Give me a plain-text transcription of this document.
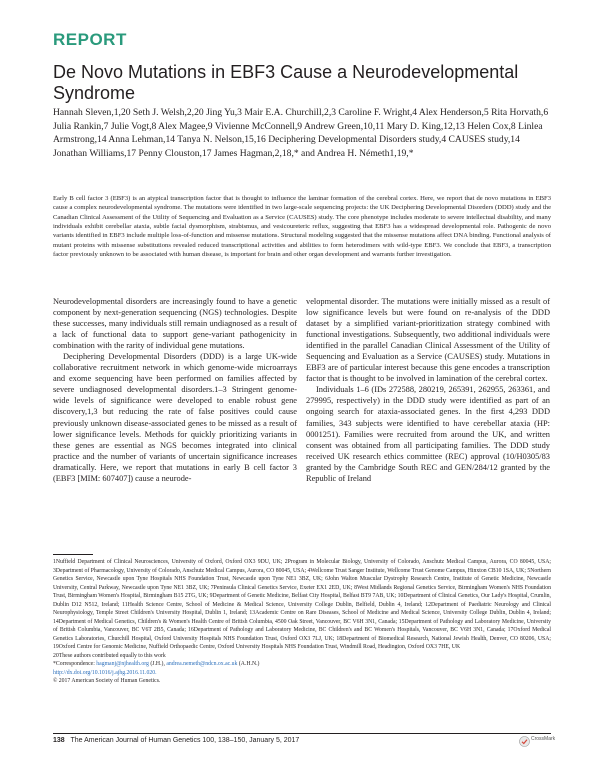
REPORT
De Novo Mutations in EBF3 Cause a Neurodevelopmental Syndrome
Hannah Sleven,1,20 Seth J. Welsh,2,20 Jing Yu,3 Mair E.A. Churchill,2,3 Caroline F. Wright,4 Alex Henderson,5 Rita Horvath,6 Julia Rankin,7 Julie Vogt,8 Alex Magee,9 Vivienne McConnell,9 Andrew Green,10,11 Mary D. King,12,13 Helen Cox,8 Linlea Armstrong,14 Anna Lehman,14 Tanya N. Nelson,15,16 Deciphering Developmental Disorders study,4 CAUSES study,14 Jonathan Williams,17 Penny Clouston,17 James Hagman,2,18,* and Andrea H. Németh1,19,*
Early B cell factor 3 (EBF3) is an atypical transcription factor that is thought to influence the laminar formation of the cerebral cortex. Here, we report that de novo mutations in EBF3 cause a complex neurodevelopmental syndrome. The mutations were identified in two large-scale sequencing projects: the UK Deciphering Developmental Disorders (DDD) study and the Canadian Clinical Assessment of the Utility of Sequencing and Evaluation as a Service (CAUSES) study. The core phenotype includes moderate to severe intellectual disability, and many individuals exhibit cerebellar ataxia, subtle facial dysmorphism, strabismus, and vesicoureteric reflux, suggesting that EBF3 has a widespread developmental role. Pathogenic de novo variants identified in EBF3 include multiple loss-of-function and missense mutations. Structural modeling suggested that the missense mutations affect DNA binding. Functional analysis of mutant proteins with missense substitutions revealed reduced transcriptional activities and abilities to form heterodimers with wild-type EBF3. We conclude that EBF3, a transcription factor previously unknown to be associated with human disease, is important for brain and other organ development and warrants further investigation.

Neurodevelopmental disorders are increasingly found to have a genetic component by next-generation sequencing (NGS) technologies. Despite these successes, many individuals still remain undiagnosed as a result of a lack of functional data to support gene-variant pathogenicity in combination with the rarity of individual gene mutations.

Deciphering Developmental Disorders (DDD) is a large UK-wide collaborative recruitment network in which genome-wide microarrays and exome sequencing have been performed on families affected by severe undiagnosed developmental disorders.1–3 Stringent genome-wide levels of significance were developed to enable robust gene discovery,1,3 but reducing the rate of false positives could cause previously unknown disease-associated genes to be missed as a result of lower significance levels. Methods for quickly prioritizing variants in these genes are essential as NGS becomes integrated into clinical practice and the number of variants of uncertain significance increases dramatically. Here, we report that mutations in early B cell factor 3 (EBF3 [MIM: 607407]) cause a neurode-

velopmental disorder. The mutations were initially missed as a result of low significance levels but were found on re-analysis of the DDD dataset by a simplified variant-prioritization strategy combined with functional investigations. Subsequently, two additional individuals were identified in the parallel Canadian Clinical Assessment of the Utility of Sequencing and Evaluation as a Service (CAUSES) study. Mutations in EBF3 are of particular interest because this gene encodes a transcription factor that is thought to be involved in lamination of the cerebral cortex.

Individuals 1–6 (IDs 272588, 280219, 265391, 262955, 263361, and 279995, respectively) in the DDD study were identified as part of an ongoing search for ataxia-associated genes. In the first 4,293 DDD families, 343 subjects were identified to have cerebellar ataxia (HP: 0001251). Families were recruited from around the UK, and written consent was obtained from all participating families. The DDD study received UK research ethics committee (REC) approval (10/H0305/83 granted by the Cambridge South REC and GEN/284/12 granted by the Republic of Ireland

1Nuffield Department of Clinical Neurosciences, University of Oxford, Oxford OX3 9DU, UK; 2Program in Molecular Biology, University of Colorado, Anschutz Medical Campus, Aurora, CO 80045, USA; 3Department of Pharmacology, University of Colorado, Anschutz Medical Campus, Aurora, CO 80045, USA; 4Wellcome Trust Sanger Institute, Wellcome Trust Genome Campus, Hinxton CB10 1SA, UK; 5Northern Genetics Service, Newcastle upon Tyne Hospitals NHS Foundation Trust, Newcastle upon Tyne NE1 3BZ, UK; 6John Walton Muscular Dystrophy Research Centre, Institute of Genetic Medicine, Newcastle University, Central Parkway, Newcastle upon Tyne NE1 3BZ, UK; 7Peninsula Clinical Genetics Service, Exeter EX1 2ED, UK; 8West Midlands Regional Genetics Service, Birmingham Women's NHS Foundation Trust, Birmingham Women's Hospital, Birmingham B15 2TG, UK; 9Department of Genetic Medicine, Belfast City Hospital, Belfast BT9 7AB, UK; 10Department of Clinical Genetics, Our Lady's Hospital, Crumlin, Dublin D12 N512, Ireland; 11Health Science Centre, School of Medicine & Medical Science, University College Dublin, Belfield, Dublin 4, Ireland; 12Department of Paediatric Neurology and Clinical Neurophysiology, Temple Street Children's University Hospital, Dublin 1, Ireland; 13Academic Centre on Rare Diseases, School of Medicine and Medical Science, University College Dublin, Dublin 4, Ireland; 14Department of Medical Genetics, Children's & Women's Health Centre of British Columbia, 4500 Oak Street, Vancouver, BC V6H 3N1, Canada; 15Department of Pathology and Laboratory Medicine, University of British Columbia, Vancouver, BC V6T 2B5, Canada; 16Department of Pathology and Laboratory Medicine, BC Children's and BC Women's Hospitals, Vancouver, BC V6H 3N1, Canada; 17Oxford Medical Genetics Laboratories, Churchill Hospital, Oxford University Hospitals NHS Foundation Trust, Oxford OX3 7LJ, UK; 18Department of Biomedical Research, National Jewish Health, Denver, CO 80206, USA; 19Oxford Centre for Genomic Medicine, Nuffield Orthopaedic Centre, Oxford University Hospitals NHS Foundation Trust, Windmill Road, Headington, Oxford OX3 7HE, UK

20These authors contributed equally to this work

*Correspondence: hagmanj@njhealth.org (J.H.), andrea.nemeth@ndcn.ox.ac.uk (A.H.N.)

http://dx.doi.org/10.1016/j.ajhg.2016.11.020.

© 2017 American Society of Human Genetics.

138 The American Journal of Human Genetics 100, 138–150, January 5, 2017	CrossMark
